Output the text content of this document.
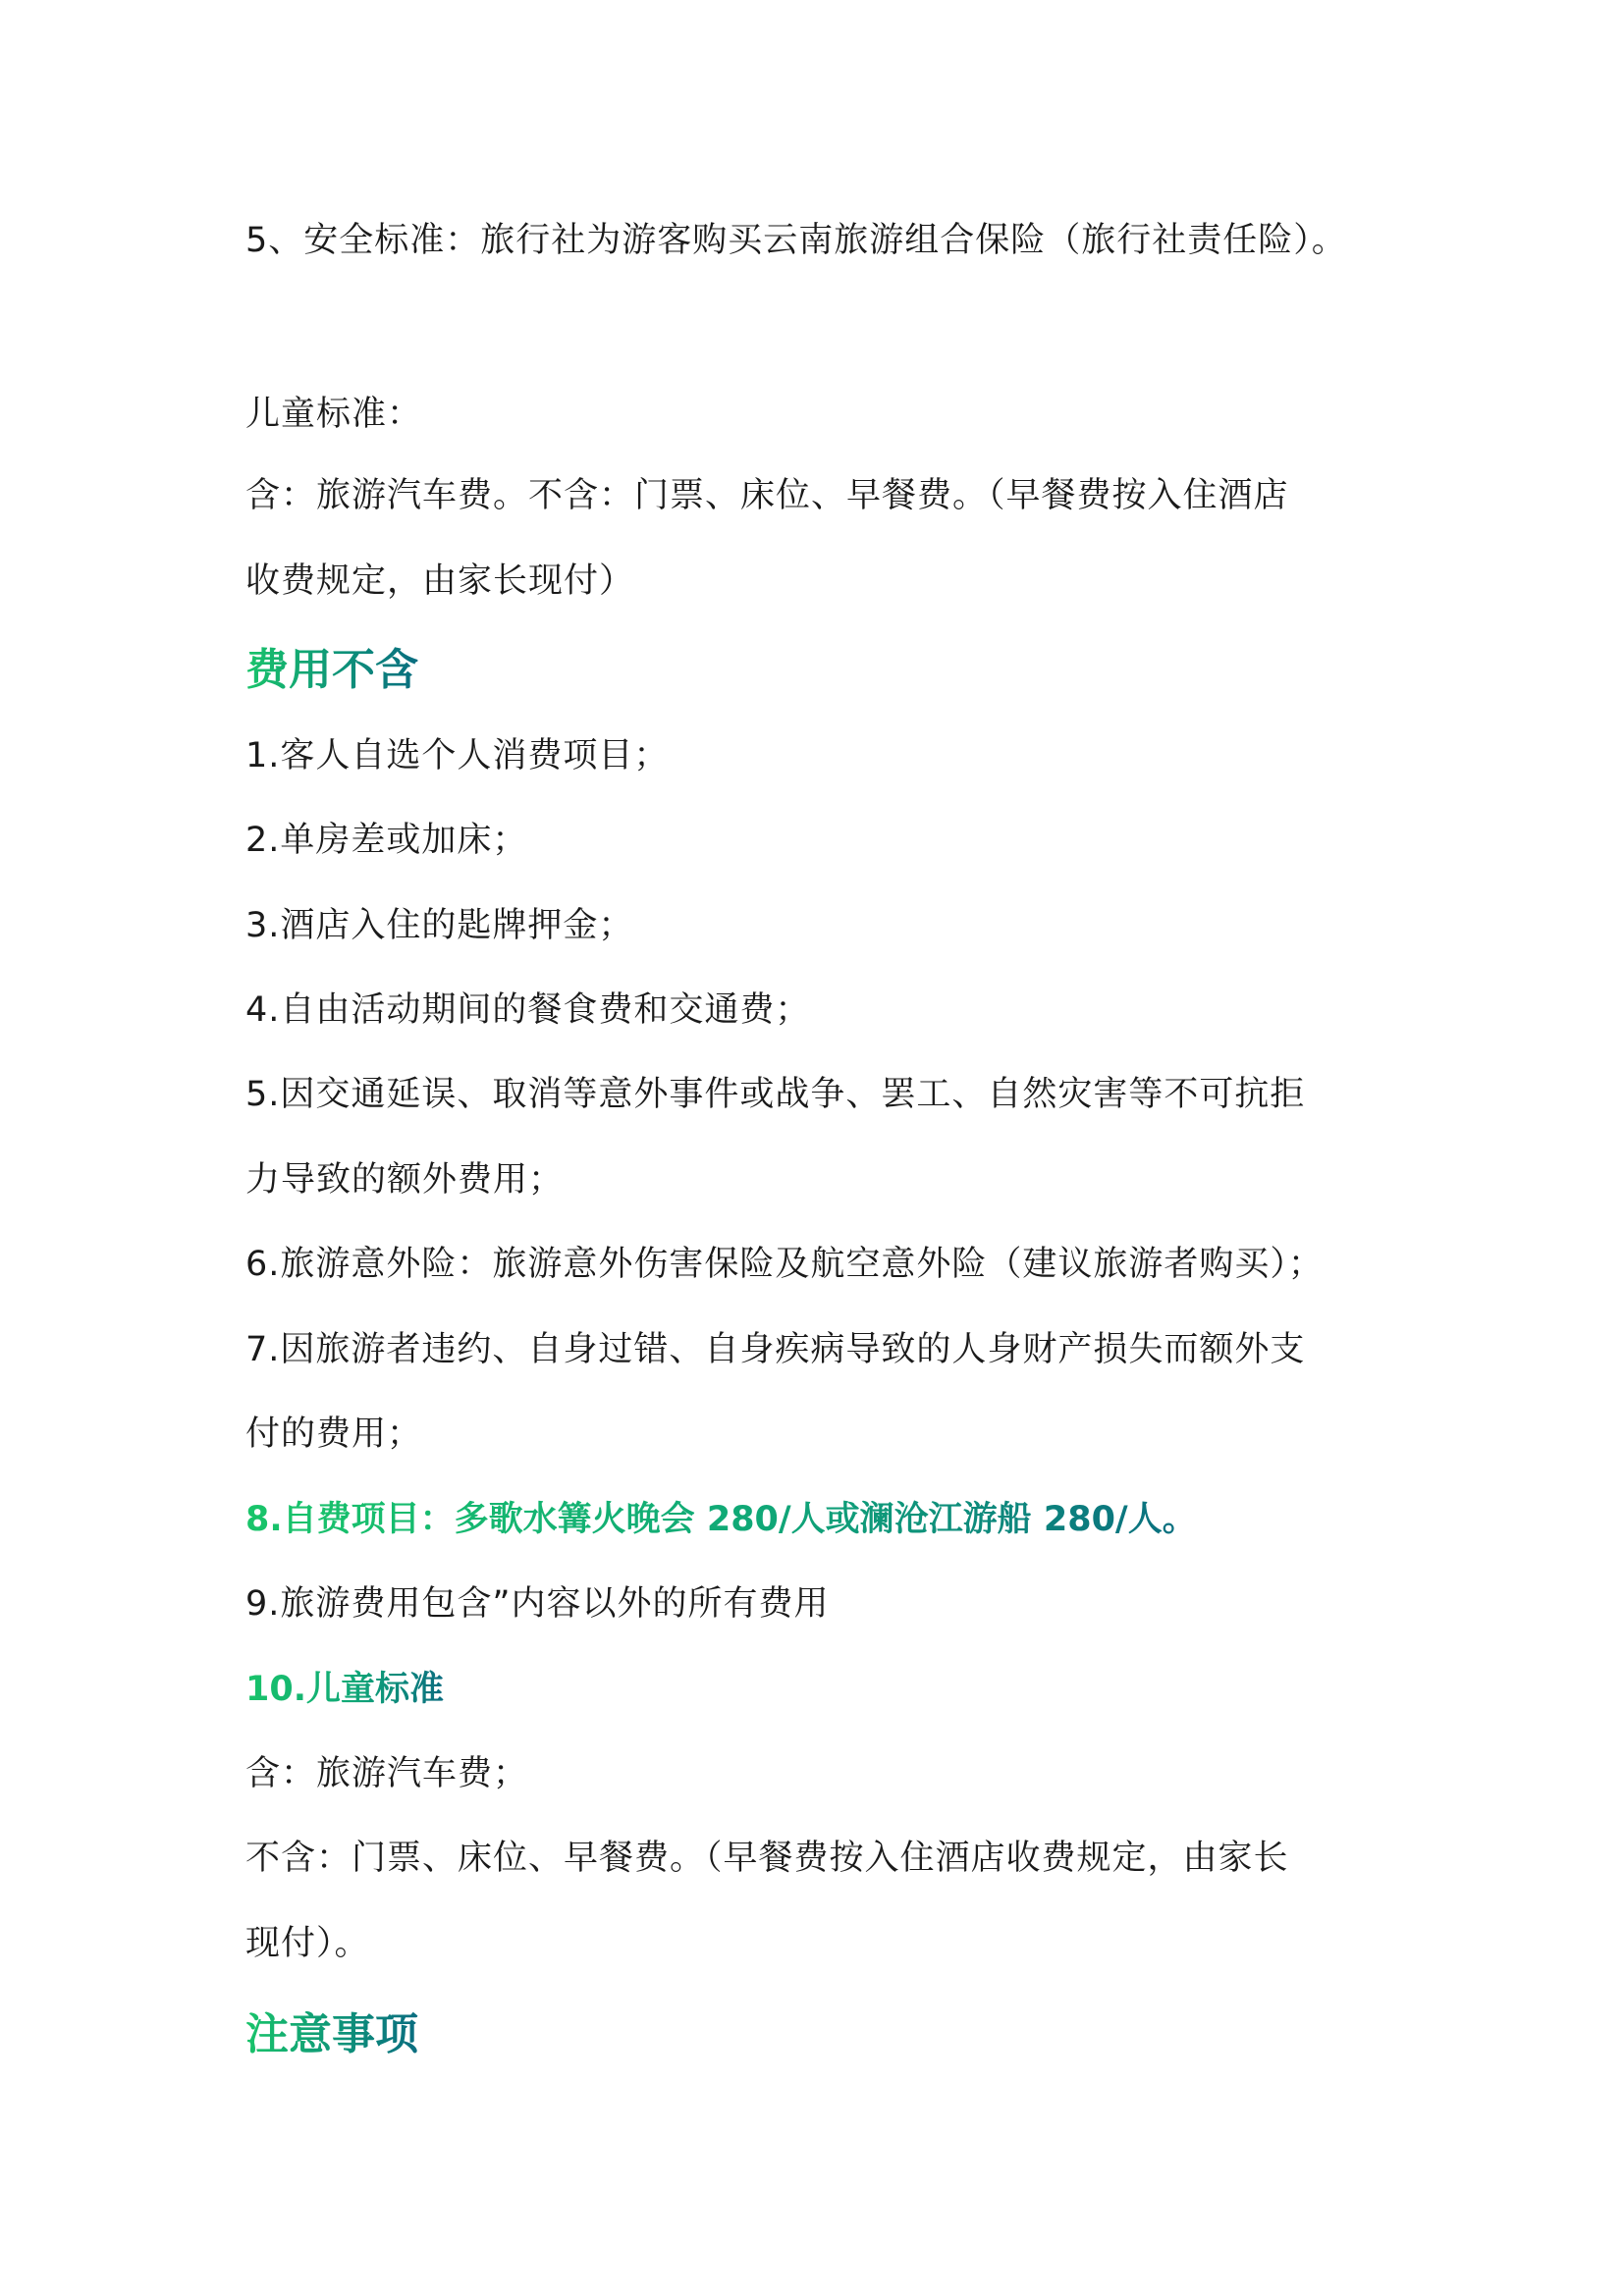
5、安全标准：旅行社为游客购买云南旅游组合保险（旅行社责任险）。
儿童标准：
含：旅游汽车费。不含：门票、床位、早餐费。（早餐费按入住酒店
收费规定，由家长现付）
费用不含
1.客人自选个人消费项目；
2.单房差或加床；
3.酒店入住的匙牌押金；
4.自由活动期间的餐食费和交通费；
5.因交通延误、取消等意外事件或战争、罢工、自然灾害等不可抗拒
力导致的额外费用；
6.旅游意外险：旅游意外伤害保险及航空意外险（建议旅游者购买）；
7.因旅游者违约、自身过错、自身疾病导致的人身财产损失而额外支
付的费用；
8.自费项目：多歌水篝火晚会 280/人或澜沧江游船 280/人。
9.旅游费用包含”内容以外的所有费用
10.儿童标准
含：旅游汽车费；
不含：门票、床位、早餐费。（早餐费按入住酒店收费规定，由家长
现付）。
注意事项
